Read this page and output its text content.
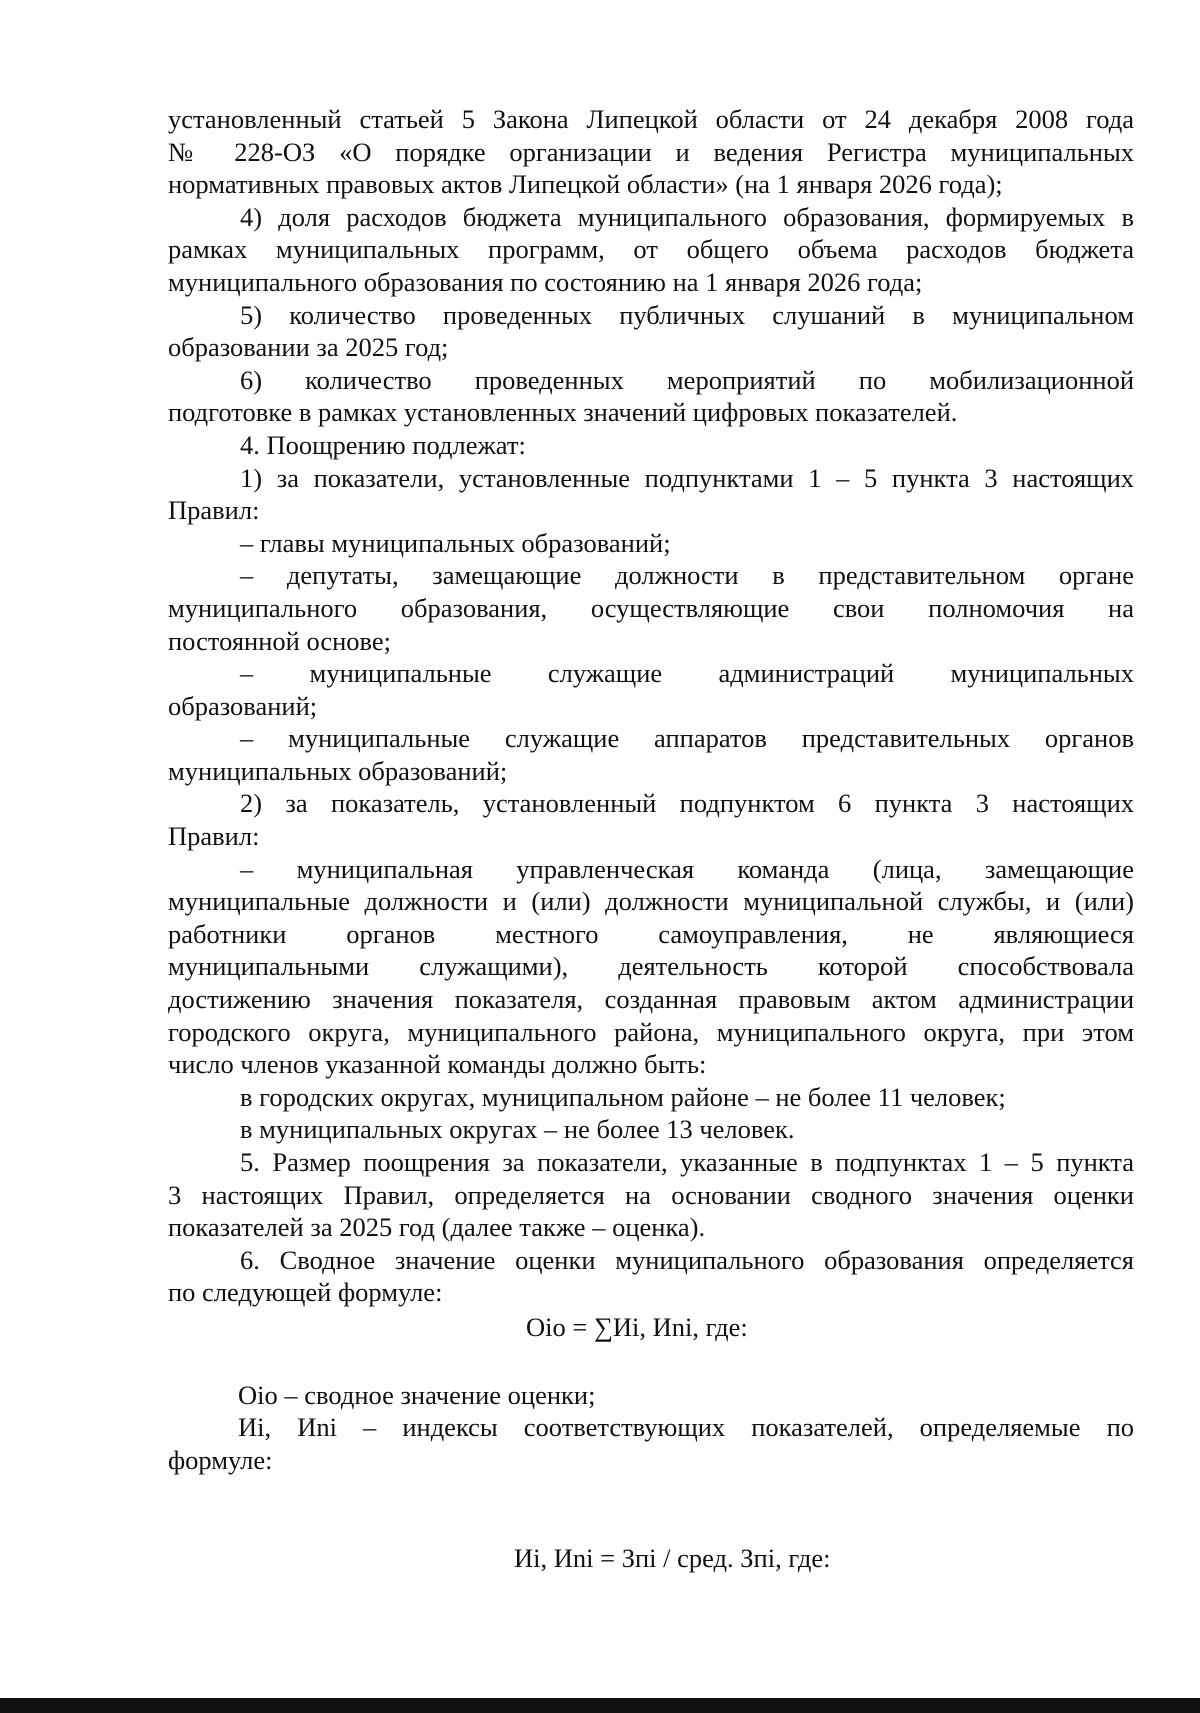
установленный статьей 5 Закона Липецкой области от 24 декабря 2008 года
№ 228-ОЗ «О порядке организации и ведения Регистра муниципальных
нормативных правовых актов Липецкой области» (на 1 января 2026 года);
4) доля расходов бюджета муниципального образования, формируемых в
рамках муниципальных программ, от общего объема расходов бюджета
муниципального образования по состоянию на 1 января 2026 года;
5) количество проведенных публичных слушаний в муниципальном
образовании за 2025 год;
6) количество проведенных мероприятий по мобилизационной
подготовке в рамках установленных значений цифровых показателей.
4. Поощрению подлежат:
1) за показатели, установленные подпунктами 1 – 5 пункта 3 настоящих
Правил:
– главы муниципальных образований;
– депутаты, замещающие должности в представительном органе
муниципального образования, осуществляющие свои полномочия на
постоянной основе;
– муниципальные служащие администраций муниципальных
образований;
– муниципальные служащие аппаратов представительных органов
муниципальных образований;
2) за показатель, установленный подпунктом 6 пункта 3 настоящих
Правил:
– муниципальная управленческая команда (лица, замещающие
муниципальные должности и (или) должности муниципальной службы, и (или)
работники органов местного самоуправления, не являющиеся
муниципальными служащими), деятельность которой способствовала
достижению значения показателя, созданная правовым актом администрации
городского округа, муниципального района, муниципального округа, при этом
число членов указанной команды должно быть:
в городских округах, муниципальном районе – не более 11 человек;
в муниципальных округах – не более 13 человек.
5. Размер поощрения за показатели, указанные в подпунктах 1 – 5 пункта
3 настоящих Правил, определяется на основании сводного значения оценки
показателей за 2025 год (далее также – оценка).
6. Сводное значение оценки муниципального образования определяется
по следующей формуле:
Оio = ∑Иi, Иni, где:
Оio – сводное значение оценки;
Иi, Иni – индексы соответствующих показателей, определяемые по
формуле:
Иi, Иni = Зпi / сред. Зпi, где:
